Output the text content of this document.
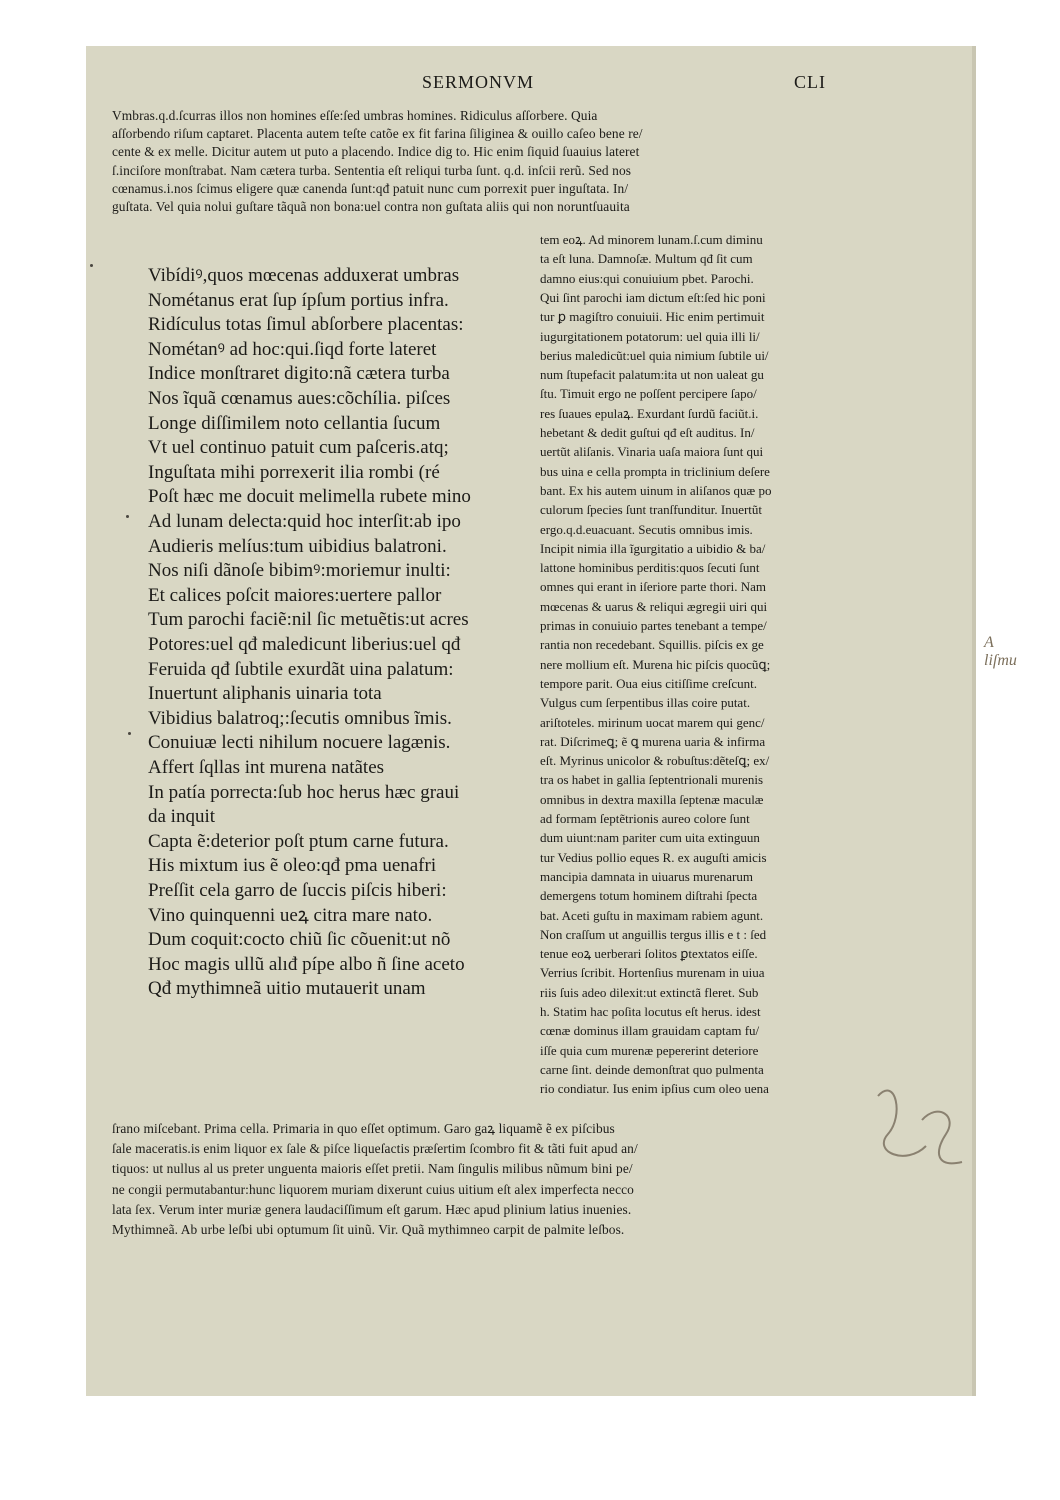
SERMONVM	CLI
Vmbras.q.d.ſcurras illos non homines eſſe:ſed umbras homines. Ridiculus aſſorbere. Quia
aſſorbendo riſum captaret. Placenta autem teſte catõe ex fit farina ſiliginea & ouillo caſeo bene re/
cente & ex melle. Dicitur autem ut puto a placendo. Indice dig to. Hic enim ſiquid ſuauius lateret
ſ.inciſore monſtrabat. Nam cætera turba. Sententia eſt reliqui turba ſunt. q.d. inſcii rerũ. Sed nos
cœnamus.i.nos ſcimus eligere quæ canenda ſunt:qđ patuit nunc cum porrexit puer inguſtata. In/
guſtata. Vel quia nolui guſtare tãquã non bona:uel contra non guſtata aliis qui non noruntſuauita
Vibídiꝰ,quos mœcenas adduxerat umbras
Nométanus erat ſup ípſum portius infra.
Ridículus totas ſimul abſorbere placentas:
Nométanꝰ ad hoc:qui.ſiqd forte lateret
Indice monſtraret digito:nã cætera turba
Nos ĩquã cœnamus aues:cõchília. piſces
Longe diſſimilem noto cellantia ſucum
Vt uel continuo patuit cum paſceris.atq;
Inguſtata mihi porrexerit ilia rombi (ré
Poſt hæc me docuit melimella rubete mino
Ad lunam delecta:quid hoc interſit:ab ipo
Audieris melíus:tum uibidius balatroni.
Nos niſi dãnoſe bibimꝰ:moriemur inulti:
Et calices poſcit maiores:uertere pallor
Tum parochi faciẽ:nil ſic metuẽtis:ut acres
Potores:uel qđ maledicunt liberius:uel qđ
Feruida qđ ſubtile exurdãt uina palatum:
Inuertunt aliphanis uinaria tota
Vibidius balatroq;:ſecutis omnibus ĩmis.
Conuiuæ lecti nihilum nocuere lagænis.
Affert ſqllas int murena natãtes
In patía porrecta:ſub hoc herus hæc graui
da inquit
Capta ẽ:deterior poſt ptum carne futura.
His mixtum ius ẽ oleo:qđ pma uenafri
Preſſit cela garro de ſuccis piſcis hiberi:
Vino quinquenni ueꝝ citra mare nato.
Dum coquit:cocto chiũ ſic cõuenit:ut nõ
Hoc magis ullũ alıđ pípe albo ñ ſine aceto
Qđ mythimneã uitio mutauerit unam
tem eoꝝ. Ad minorem lunam.ſ.cum diminu
ta eſt luna. Damnoſæ. Multum qđ ſit cum
damno eius:qui conuiuium pbet. Parochi.
Qui ſint parochi iam dictum eſt:ſed hic poni
tur ꝑ magiſtro conuiuii. Hic enim pertimuit
iugurgitationem potatorum: uel quia illi li/
berius maledicũt:uel quia nimium ſubtile ui/
num ſtupefacit palatum:ita ut non ualeat gu
ſtu. Timuit ergo ne poſſent percipere ſapo/
res ſuaues epulaꝝ. Exurdant ſurdũ faciũt.i.
hebetant & dedit guſtui qđ eſt auditus. In/
uertũt aliſanis. Vinaria uaſa maiora ſunt qui
bus uina e cella prompta in triclinium deſere
bant. Ex his autem uinum in aliſanos quæ po
culorum ſpecies ſunt tranſfunditur. Inuertũt
ergo.q.d.euacuant. Secutis omnibus imis.
Incipit nimia illa ĩgurgitatio a uibidio & ba/
lattone hominibus perditis:quos ſecuti ſunt
omnes qui erant in iſeriore parte thori. Nam
mœcenas & uarus & reliqui ægregii uiri qui
primas in conuiuio partes tenebant a tempe/
rantia non recedebant. Squillis. piſcis ex ge
nere mollium eſt. Murena hic piſcis quocũꝗ;
tempore parit. Oua eius citiſſime creſcunt.
Vulgus cum ſerpentibus illas coire putat.
ariſtoteles. mirinum uocat marem qui genc/
rat. Diſcrimeꝗ; ẽ ꝗ murena uaria & infirma
eſt. Myrinus unicolor & robuſtus:dẽteſꝗ; ex/
tra os habet in gallia ſeptentrionali murenis
omnibus in dextra maxilla ſeptenæ maculæ
ad formam ſeptẽtrionis aureo colore ſunt
dum uiunt:nam pariter cum uita extinguun
tur Vedius pollio eques R. ex auguſti amicis
mancipia damnata in uiuarus murenarum
demergens totum hominem diſtrahi ſpecta
bat. Aceti guſtu in maximam rabiem agunt.
Non craſſum ut anguillis tergus illis e t : ſed
tenue eoꝝ uerberari ſolitos ꝑtextatos eiſſe.
Verrius ſcribit. Hortenſius murenam in uiua
riis ſuis adeo dilexit:ut extinctã fleret. Sub
h. Statim hac poſita locutus eſt herus. idest
cœnæ dominus illam grauidam captam fu/
iſſe quia cum murenæ pepererint deteriore
carne ſint. deinde demonſtrat quo pulmenta
rio condiatur. Ius enim ipſius cum oleo uena
ſrano miſcebant. Prima cella. Primaria in quo eſſet optimum. Garo gaꝝ liquamẽ ẽ ex piſcibus
ſale maceratis.is enim liquor ex ſale & piſce liqueſactis præſertim ſcombro fit & tãti fuit apud an/
tiquos: ut nullus al us preter unguenta maioris eſſet pretii. Nam ſingulis milibus nũmum bini pe/
ne congii permutabantur:hunc liquorem muriam dixerunt cuius uitium eſt alex imperfecta necco
lata ſex. Verum inter muriæ genera laudaciſſimum eſt garum. Hæc apud plinium latius inuenies.
Mythimneã. Ab urbe leſbi ubi optumum ſit uinũ. Vir. Quã mythimneo carpit de palmite leſbos.
A liſmu
